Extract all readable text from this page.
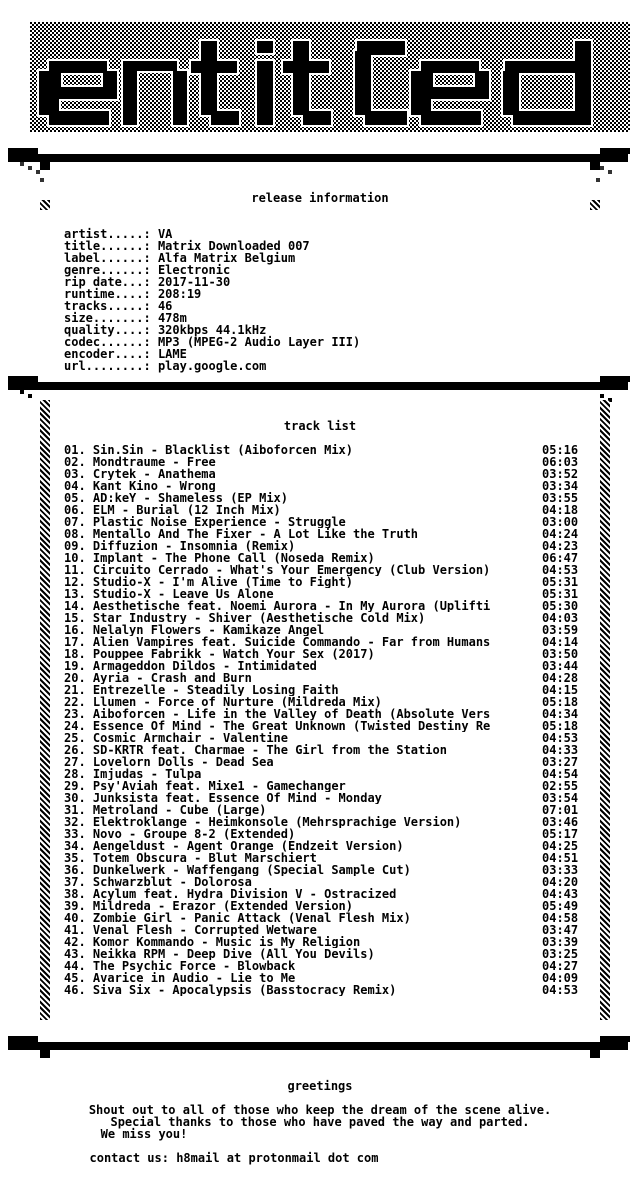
hX!
release information
artist.....: VA
title......: Matrix Downloaded 007
label......: Alfa Matrix Belgium
genre......: Electronic
rip date...: 2017-11-30
runtime....: 208:19
tracks.....: 46
size.......: 478m
quality....: 320kbps 44.1kHz
codec......: MP3 (MPEG-2 Audio Layer III)
encoder....: LAME
url........: play.google.com
track list
01. Sin.Sin - Blacklist (Aiboforcen Mix)	05:16
02. Mondtraume - Free	06:03
03. Crytek - Anathema	03:52
04. Kant Kino - Wrong	03:34
05. AD:keY - Shameless (EP Mix)	03:55
06. ELM - Burial (12 Inch Mix)	04:18
07. Plastic Noise Experience - Struggle	03:00
08. Mentallo And The Fixer - A Lot Like the Truth	04:24
09. Diffuzion - Insomnia (Remix)	04:23
10. Implant - The Phone Call (Noseda Remix)	06:47
11. Circuito Cerrado - What's Your Emergency (Club Version)	04:53
12. Studio-X - I'm Alive (Time to Fight)	05:31
13. Studio-X - Leave Us Alone	05:31
14. Aesthetische feat. Noemi Aurora - In My Aurora (Uplifti	05:30
15. Star Industry - Shiver (Aesthetische Cold Mix)	04:03
16. Nelalyn Flowers - Kamikaze Angel	03:59
17. Alien Vampires feat. Suicide Commando - Far from Humans	04:14
18. Pouppee Fabrikk - Watch Your Sex (2017)	03:50
19. Armageddon Dildos - Intimidated	03:44
20. Ayria - Crash and Burn	04:28
21. Entrezelle - Steadily Losing Faith	04:15
22. Llumen - Force of Nurture (Mildreda Mix)	05:18
23. Aiboforcen - Life in the Valley of Death (Absolute Vers	04:34
24. Essence Of Mind - The Great Unknown (Twisted Destiny Re	05:18
25. Cosmic Armchair - Valentine	04:53
26. SD-KRTR feat. Charmae - The Girl from the Station	04:33
27. Lovelorn Dolls - Dead Sea	03:27
28. Imjudas - Tulpa	04:54
29. Psy'Aviah feat. Mixe1 - Gamechanger	02:55
30. Junksista feat. Essence Of Mind - Monday	03:54
31. Metroland - Cube (Large)	07:01
32. Elektroklange - Heimkonsole (Mehrsprachige Version)	03:46
33. Novo - Groupe 8-2 (Extended)	05:17
34. Aengeldust - Agent Orange (Endzeit Version)	04:25
35. Totem Obscura - Blut Marschiert	04:51
36. Dunkelwerk - Waffengang (Special Sample Cut)	03:33
37. Schwarzblut - Dolorosa	04:20
38. Acylum feat. Hydra Division V - Ostracized	04:43
39. Mildreda - Erazor (Extended Version)	05:49
40. Zombie Girl - Panic Attack (Venal Flesh Mix)	04:58
41. Venal Flesh - Corrupted Wetware	03:47
42. Komor Kommando - Music is My Religion	03:39
43. Neikka RPM - Deep Dive (All You Devils)	03:25
44. The Psychic Force - Blowback	04:27
45. Avarice in Audio - Lie to Me	04:09
46. Siva Six - Apocalypsis (Basstocracy Remix)	04:53
greetings
Shout out to all of those who keep the dream of the scene alive.
Special thanks to those who have paved the way and parted.
We miss you!
contact us: h8mail at protonmail dot com
